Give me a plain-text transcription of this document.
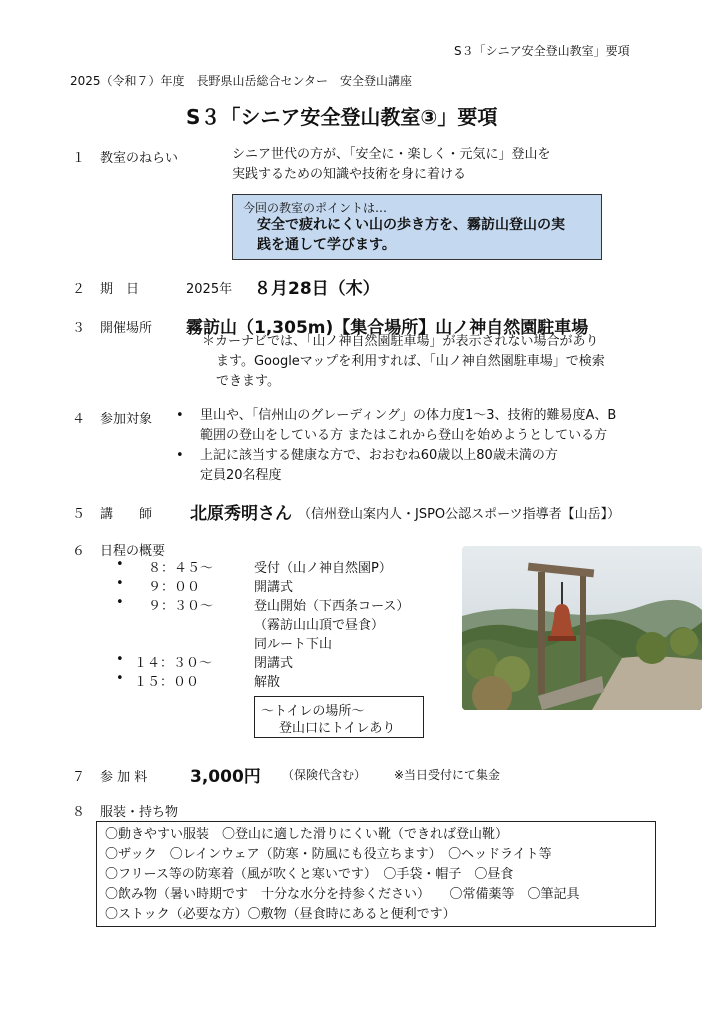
S３「シニア安全登山教室」要項
2025（令和７）年度　長野県山岳総合センター　安全登山講座
S３「シニア安全登山教室③」要項
１ 教室のねらい	シニア世代の方が、「安全に・楽しく・元気に」登山を
実践するための知識や技術を身に着ける
今回の教室のポイントは…
安全で疲れにくい山の歩き方を、霧訪山登山の実
践を通して学びます。
２ 期　日	2025年 ８月28日（木）
３ 開催場所 霧訪山（1,305m)【集合場所】山ノ神自然園駐車場
＊カーナビでは、「山ノ神自然園駐車場」が表示されない場合があり
ます。Googleマップを利用すれば、「山ノ神自然園駐車場」で検索
できます。
４ 参加対象 • 里山や、「信州山のグレーディング」の体力度1～3、技術的難易度A、B
範囲の登山をしている方 またはこれから登山を始めようとしている方
• 上記に該当する健康な方で、おおむね60歳以上80歳未満の方
定員20名程度
５ 講　　師 北原秀明さん （信州登山案内人・JSPO公認スポーツ指導者【山岳】）
６ 日程の概要
• ８：４５～	受付（山ノ神自然園P）
• ９：００	開講式
• ９：３０～	登山開始（下西条コース）
（霧訪山山頂で昼食）
同ルート下山
• １４：３０～	閉講式
• １５：００	解散
～トイレの場所～
登山口にトイレあり
７ 参 加 料	3,000円 （保険代含む） ※当日受付にて集金
８ 服装・持ち物
〇動きやすい服装　〇登山に適した滑りにくい靴（できれば登山靴）
〇ザック　〇レインウェア（防寒・防風にも役立ちます）　〇ヘッドライト等
〇フリース等の防寒着（風が吹くと寒いです）　〇手袋・帽子　〇昼食
〇飲み物（暑い時期です　十分な水分を持参ください）　　〇常備薬等　〇筆記具
〇ストック（必要な方）〇敷物（昼食時にあると便利です）
